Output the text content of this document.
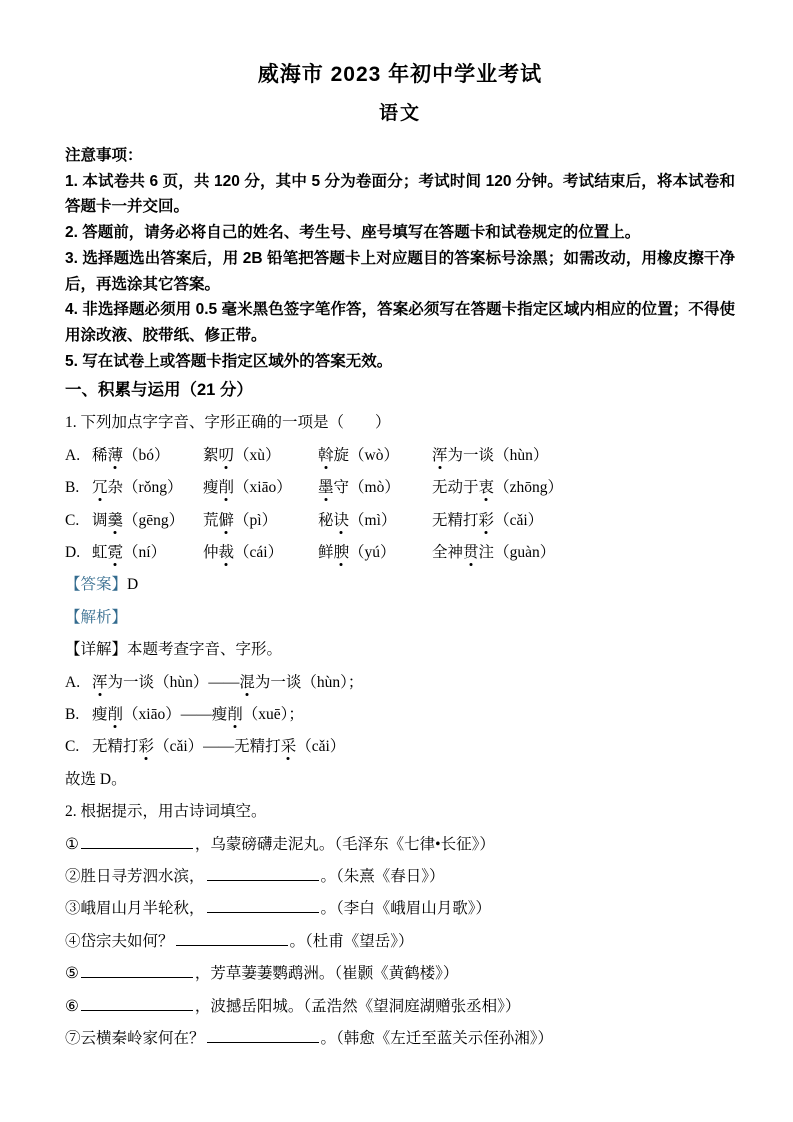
威海市 2023 年初中学业考试
语文

注意事项：

1. 本试卷共 6 页，共 120 分，其中 5 分为卷面分；考试时间 120 分钟。考试结束后，将本试卷和答题卡一并交回。

2. 答题前，请务必将自己的姓名、考生号、座号填写在答题卡和试卷规定的位置上。

3. 选择题选出答案后，用 2B 铅笔把答题卡上对应题目的答案标号涂黑；如需改动，用橡皮擦干净后，再选涂其它答案。

4. 非选择题必须用 0.5 毫米黑色签字笔作答，答案必须写在答题卡指定区域内相应的位置；不得使用涂改液、胶带纸、修正带。

5. 写在试卷上或答题卡指定区域外的答案无效。

一、积累与运用（21 分）

1. 下列加点字字音、字形正确的一项是（　　）

A. 稀薄（bó） 絮叨（xù） 斡旋（wò） 浑为一谈（hùn）
B. 冗杂（rǒng） 瘦削（xiāo） 墨守（mò） 无动于衷（zhōng）
C. 调羹（gēng） 荒僻（pì）	秘诀（mì） 无精打彩（cǎi）
D. 虹霓（ní） 仲裁（cái） 鲜腴（yú） 全神贯注（guàn）

【答案】D

【解析】

【详解】本题考查字音、字形。

A. 浑为一谈（hùn）——混为一谈（hùn）；
B. 瘦削（xiāo）——瘦削（xuē）；
C. 无精打彩（cǎi）——无精打采（cǎi）

故选 D。

2. 根据提示，用古诗词填空。

①	，乌蒙磅礴走泥丸。（毛泽东《七律•长征》）
②胜日寻芳泗水滨，	。（朱熹《春日》）
③峨眉山月半轮秋，	。（李白《峨眉山月歌》）
④岱宗夫如何？	。（杜甫《望岳》）
⑤	，芳草萋萋鹦鹉洲。（崔颢《黄鹤楼》）
⑥	，波撼岳阳城。（孟浩然《望洞庭湖赠张丞相》）
⑦云横秦岭家何在？	。（韩愈《左迁至蓝关示侄孙湘》）
